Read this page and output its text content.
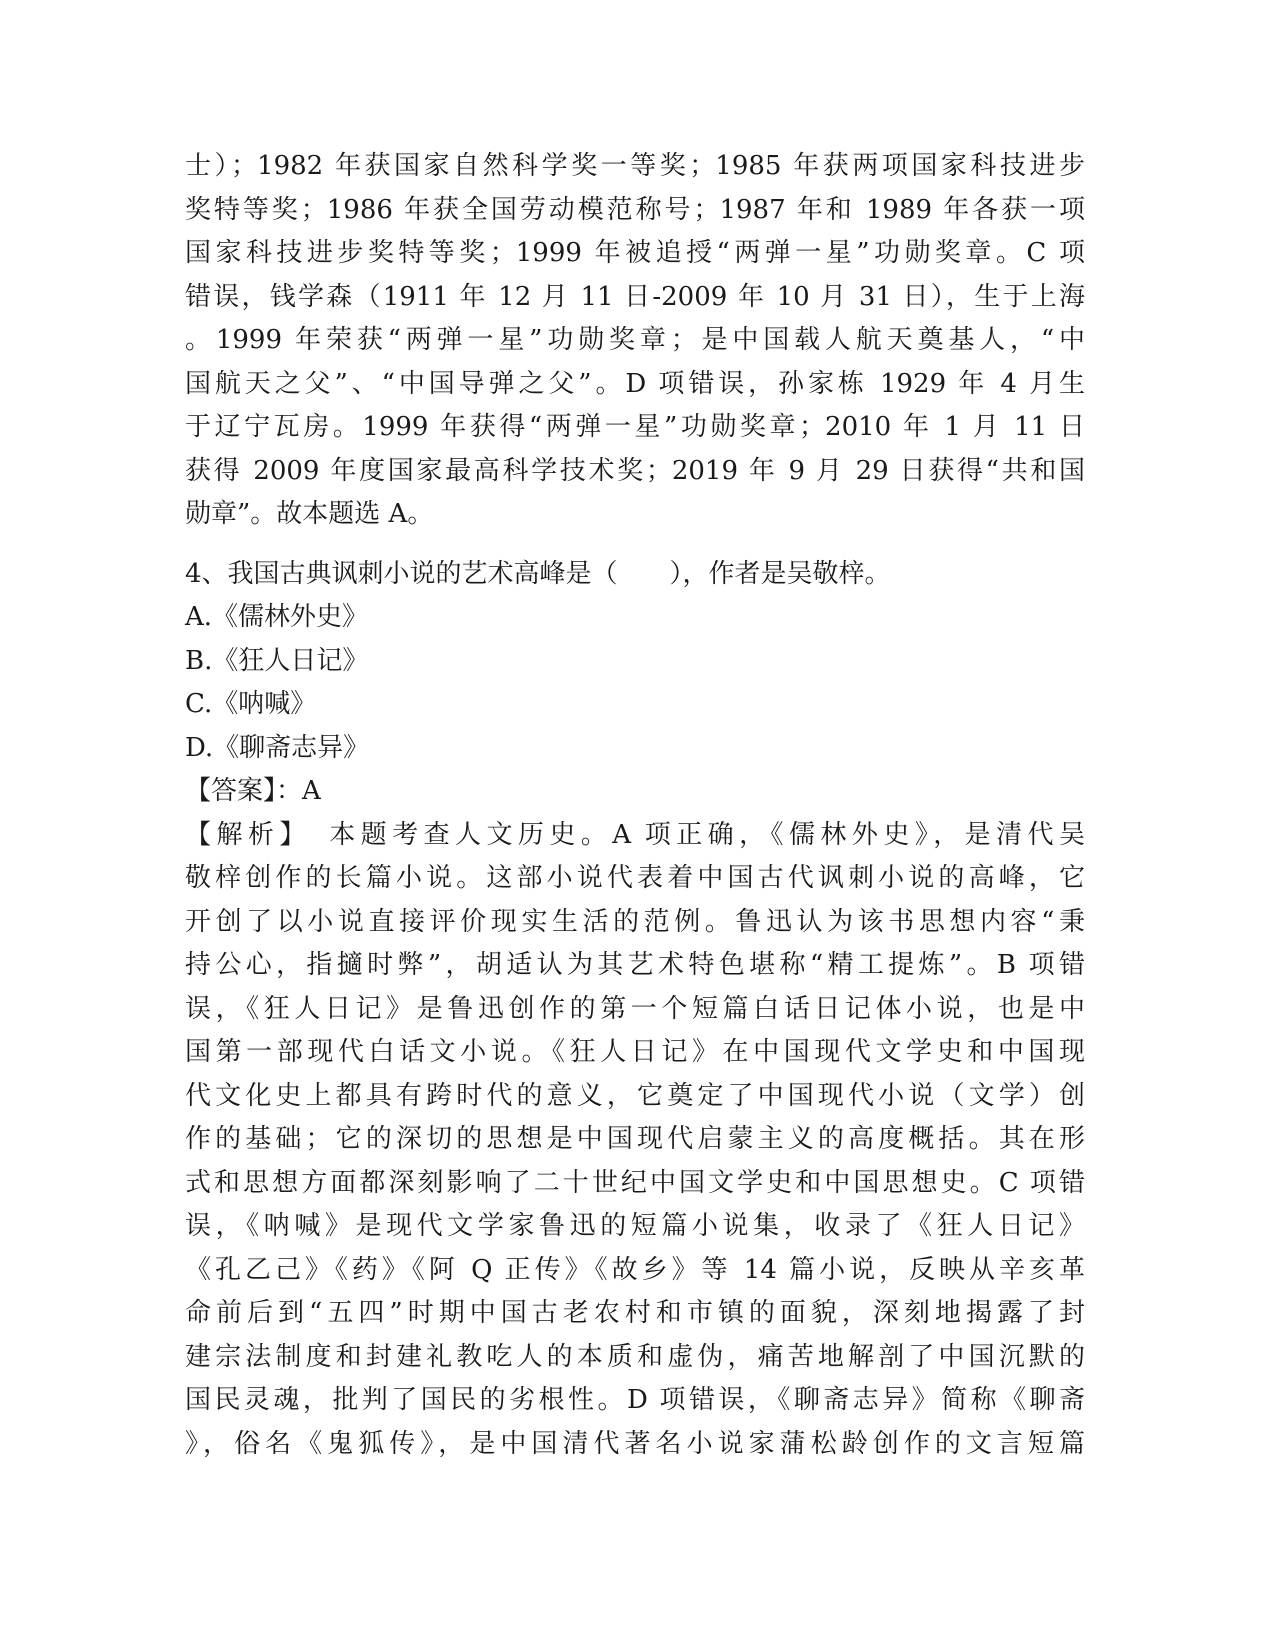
士）；1982 年获国家自然科学奖一等奖；1985 年获两项国家科技进步
奖特等奖；1986 年获全国劳动模范称号；1987 年和 1989 年各获一项
国家科技进步奖特等奖；1999 年被追授“两弹一星”功勋奖章。C 项
错误，钱学森（1911 年 12 月 11 日-2009 年 10 月 31 日），生于上海
。1999 年荣获“两弹一星”功勋奖章；是中国载人航天奠基人，“中
国航天之父”、“中国导弹之父”。D 项错误，孙家栋 1929 年 4 月生
于辽宁瓦房。1999 年获得“两弹一星”功勋奖章；2010 年 1 月 11 日
获得 2009 年度国家最高科学技术奖；2019 年 9 月 29 日获得“共和国
勋章”。故本题选 A。
4、我国古典讽刺小说的艺术高峰是（　　），作者是吴敬梓。
A.《儒林外史》
B.《狂人日记》
C.《呐喊》
D.《聊斋志异》
【答案】：A
【解析】　本题考查人文历史。A 项正确，《儒林外史》，是清代吴
敬梓创作的长篇小说。这部小说代表着中国古代讽刺小说的高峰，它
开创了以小说直接评价现实生活的范例。鲁迅认为该书思想内容“秉
持公心，指擿时弊”，胡适认为其艺术特色堪称“精工提炼”。B 项错
误，《狂人日记》是鲁迅创作的第一个短篇白话日记体小说，也是中
国第一部现代白话文小说。《狂人日记》在中国现代文学史和中国现
代文化史上都具有跨时代的意义，它奠定了中国现代小说（文学）创
作的基础；它的深切的思想是中国现代启蒙主义的高度概括。其在形
式和思想方面都深刻影响了二十世纪中国文学史和中国思想史。C 项错
误，《呐喊》是现代文学家鲁迅的短篇小说集，收录了《狂人日记》
《孔乙己》《药》《阿 Q 正传》《故乡》等 14 篇小说，反映从辛亥革
命前后到“五四”时期中国古老农村和市镇的面貌，深刻地揭露了封
建宗法制度和封建礼教吃人的本质和虚伪，痛苦地解剖了中国沉默的
国民灵魂，批判了国民的劣根性。D 项错误，《聊斋志异》简称《聊斋
》，俗名《鬼狐传》，是中国清代著名小说家蒲松龄创作的文言短篇
